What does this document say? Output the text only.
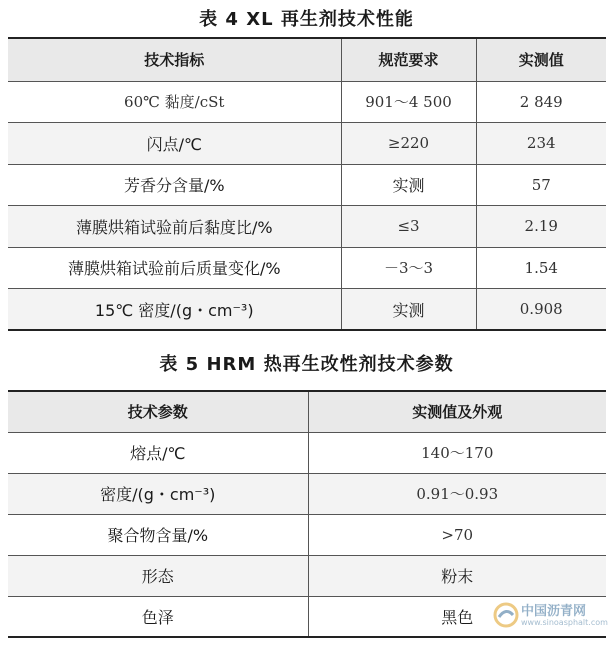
表 4 XL 再生剂技术性能
技术指标	规范要求	实测值
60℃ 黏度/cSt	901～4 500	2 849
闪点/℃	≥220	234
芳香分含量/%	实测	57
薄膜烘箱试验前后黏度比/%	≤3	2.19
薄膜烘箱试验前后质量变化/%	－3～3	1.54
15℃ 密度/(g・cm⁻³)	实测	0.908
表 5 HRM 热再生改性剂技术参数
技术参数	实测值及外观
熔点/℃	140～170
密度/(g・cm⁻³)	0.91～0.93
聚合物含量/%	>70
形态	粉末
色泽	黑色	中国沥青网
www.sinoasphalt.com
